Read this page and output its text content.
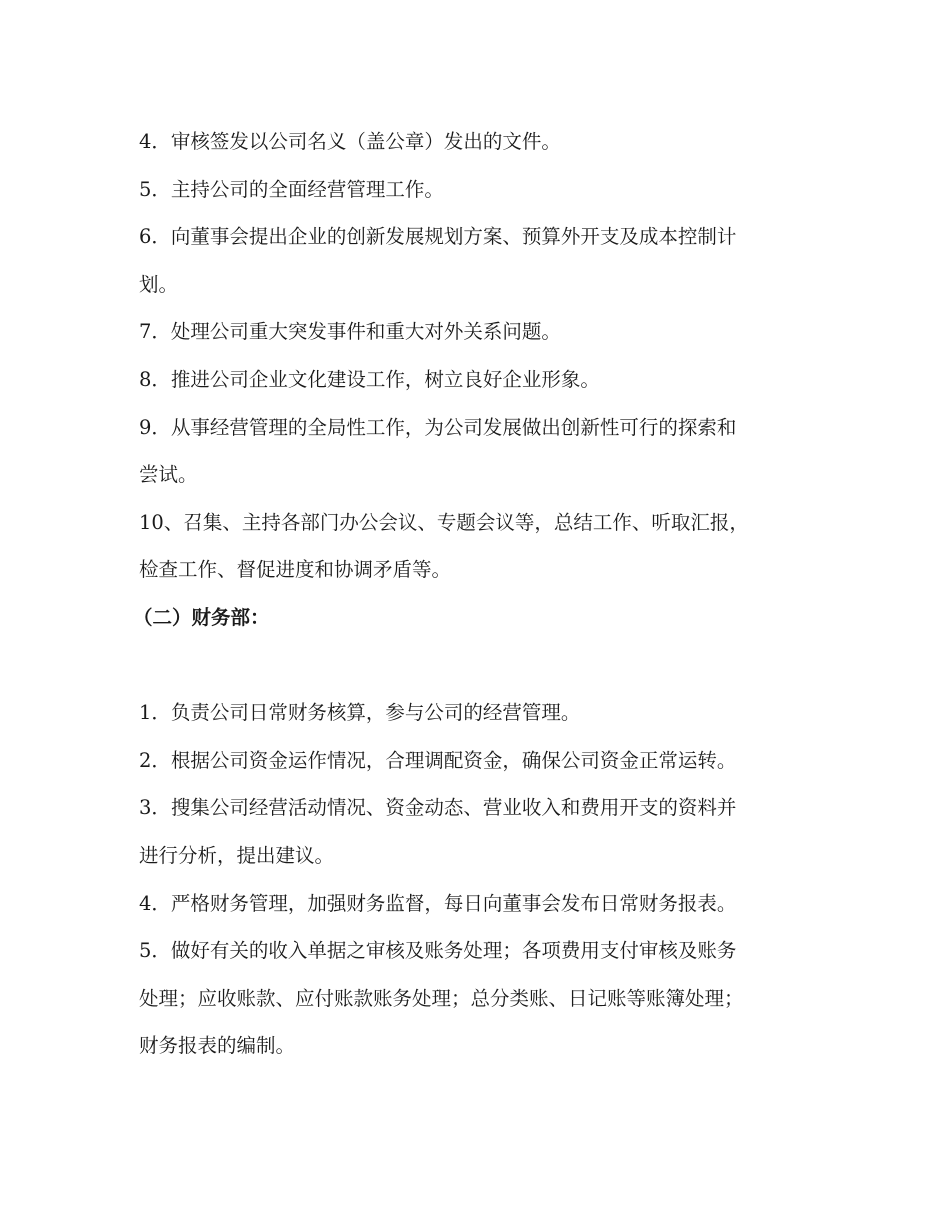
4．审核签发以公司名义（盖公章）发出的文件。
5．主持公司的全面经营管理工作。
6．向董事会提出企业的创新发展规划方案、预算外开支及成本控制计
划。
7．处理公司重大突发事件和重大对外关系问题。
8．推进公司企业文化建设工作，树立良好企业形象。
9．从事经营管理的全局性工作，为公司发展做出创新性可行的探索和
尝试。
10、召集、主持各部门办公会议、专题会议等，总结工作、听取汇报，
检查工作、督促进度和协调矛盾等。
（二）财务部：
1．负责公司日常财务核算，参与公司的经营管理。
2．根据公司资金运作情况，合理调配资金，确保公司资金正常运转。
3．搜集公司经营活动情况、资金动态、营业收入和费用开支的资料并
进行分析，提出建议。
4．严格财务管理，加强财务监督，每日向董事会发布日常财务报表。
5．做好有关的收入单据之审核及账务处理；各项费用支付审核及账务
处理；应收账款、应付账款账务处理；总分类账、日记账等账簿处理；
财务报表的编制。
